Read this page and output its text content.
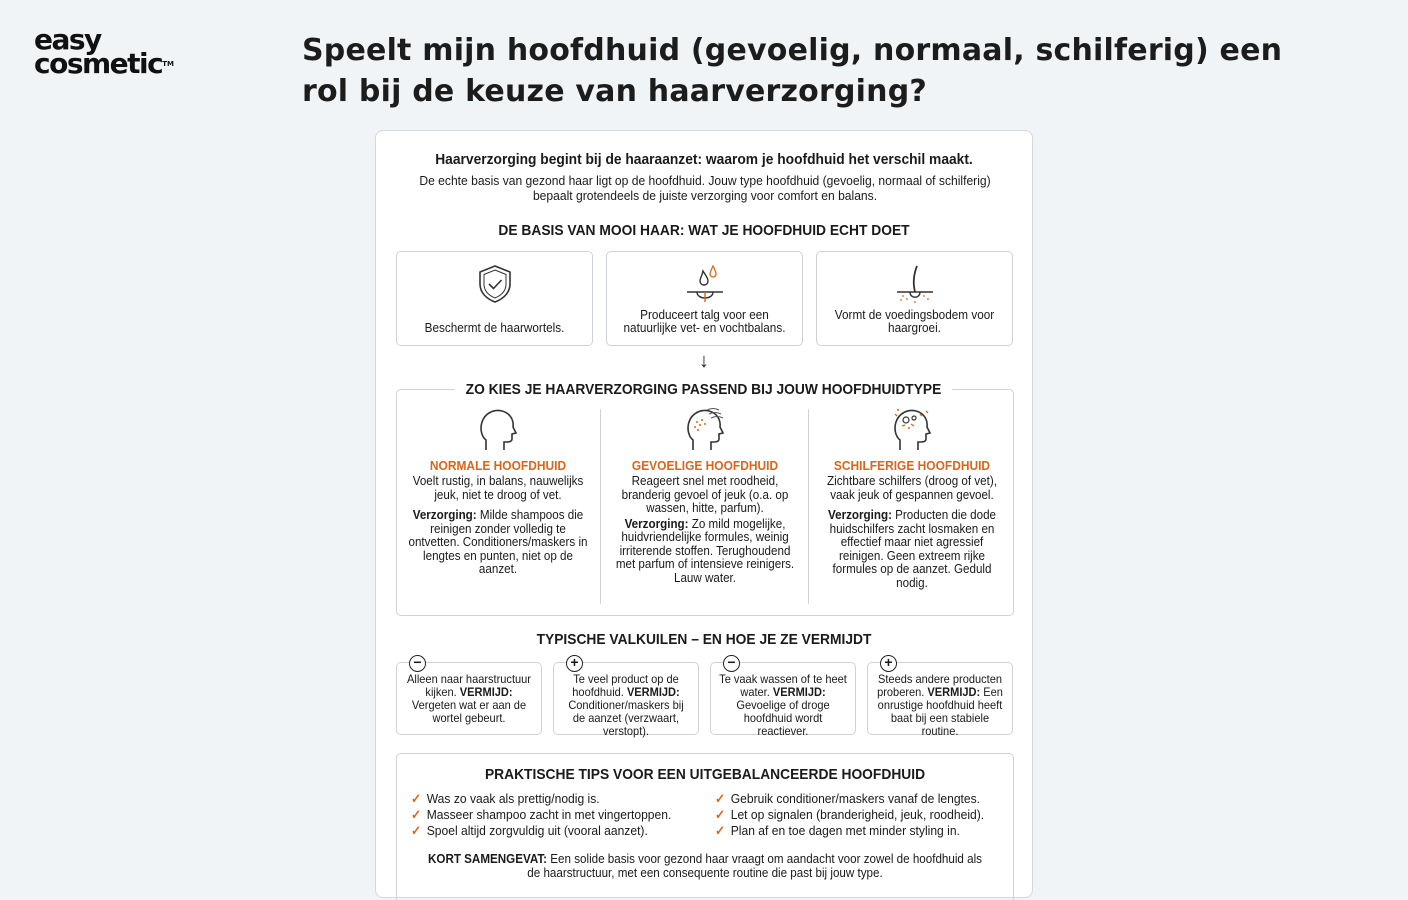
easy
cosmetic™	Speelt mijn hoofdhuid (gevoelig, normaal, schilferig) een rol bij de keuze van haarverzorging?
Haarverzorging begint bij de haaraanzet: waarom je hoofdhuid het verschil maakt.
De echte basis van gezond haar ligt op de hoofdhuid. Jouw type hoofdhuid (gevoelig, normaal of schilferig) bepaalt grotendeels de juiste verzorging voor comfort en balans.
DE BASIS VAN MOOI HAAR: WAT JE HOOFDHUID ECHT DOET
Beschermt de haarwortels.
Produceert talg voor een natuurlijke vet- en vochtbalans.
Vormt de voedingsbodem voor haargroei.
↓
ZO KIES JE HAARVERZORGING PASSEND BIJ JOUW HOOFDHUIDTYPE
NORMALE HOOFDHUID
Voelt rustig, in balans, nauwelijks jeuk, niet te droog of vet.
Verzorging: Milde shampoos die reinigen zonder volledig te ontvetten. Conditioners/maskers in lengtes en punten, niet op de aanzet.
GEVOELIGE HOOFDHUID
Reageert snel met roodheid, branderig gevoel of jeuk (o.a. op wassen, hitte, parfum).
Verzorging: Zo mild mogelijke, huidvriendelijke formules, weinig irriterende stoffen. Terughoudend met parfum of intensieve reinigers. Lauw water.
SCHILFERIGE HOOFDHUID
Zichtbare schilfers (droog of vet), vaak jeuk of gespannen gevoel.
Verzorging: Producten die dode huidschilfers zacht losmaken en effectief maar niet agressief reinigen. Geen extreem rijke formules op de aanzet. Geduld nodig.
TYPISCHE VALKUILEN – EN HOE JE ZE VERMIJDT
−
Alleen naar haarstructuur kijken. VERMIJD: Vergeten wat er aan de wortel gebeurt.
+
Te veel product op de hoofdhuid. VERMIJD: Conditioner/maskers bij de aanzet (verzwaart, verstopt).
−
Te vaak wassen of te heet water. VERMIJD: Gevoelige of droge hoofdhuid wordt reactiever.
+
Steeds andere producten proberen. VERMIJD: Een onrustige hoofdhuid heeft baat bij een stabiele routine.
PRAKTISCHE TIPS VOOR EEN UITGEBALANCEERDE HOOFDHUID
✓ Was zo vaak als prettig/nodig is.
✓ Masseer shampoo zacht in met vingertoppen.
✓ Spoel altijd zorgvuldig uit (vooral aanzet).
✓ Gebruik conditioner/maskers vanaf de lengtes.
✓ Let op signalen (branderigheid, jeuk, roodheid).
✓ Plan af en toe dagen met minder styling in.
KORT SAMENGEVAT: Een solide basis voor gezond haar vraagt om aandacht voor zowel de hoofdhuid als de haarstructuur, met een consequente routine die past bij jouw type.
